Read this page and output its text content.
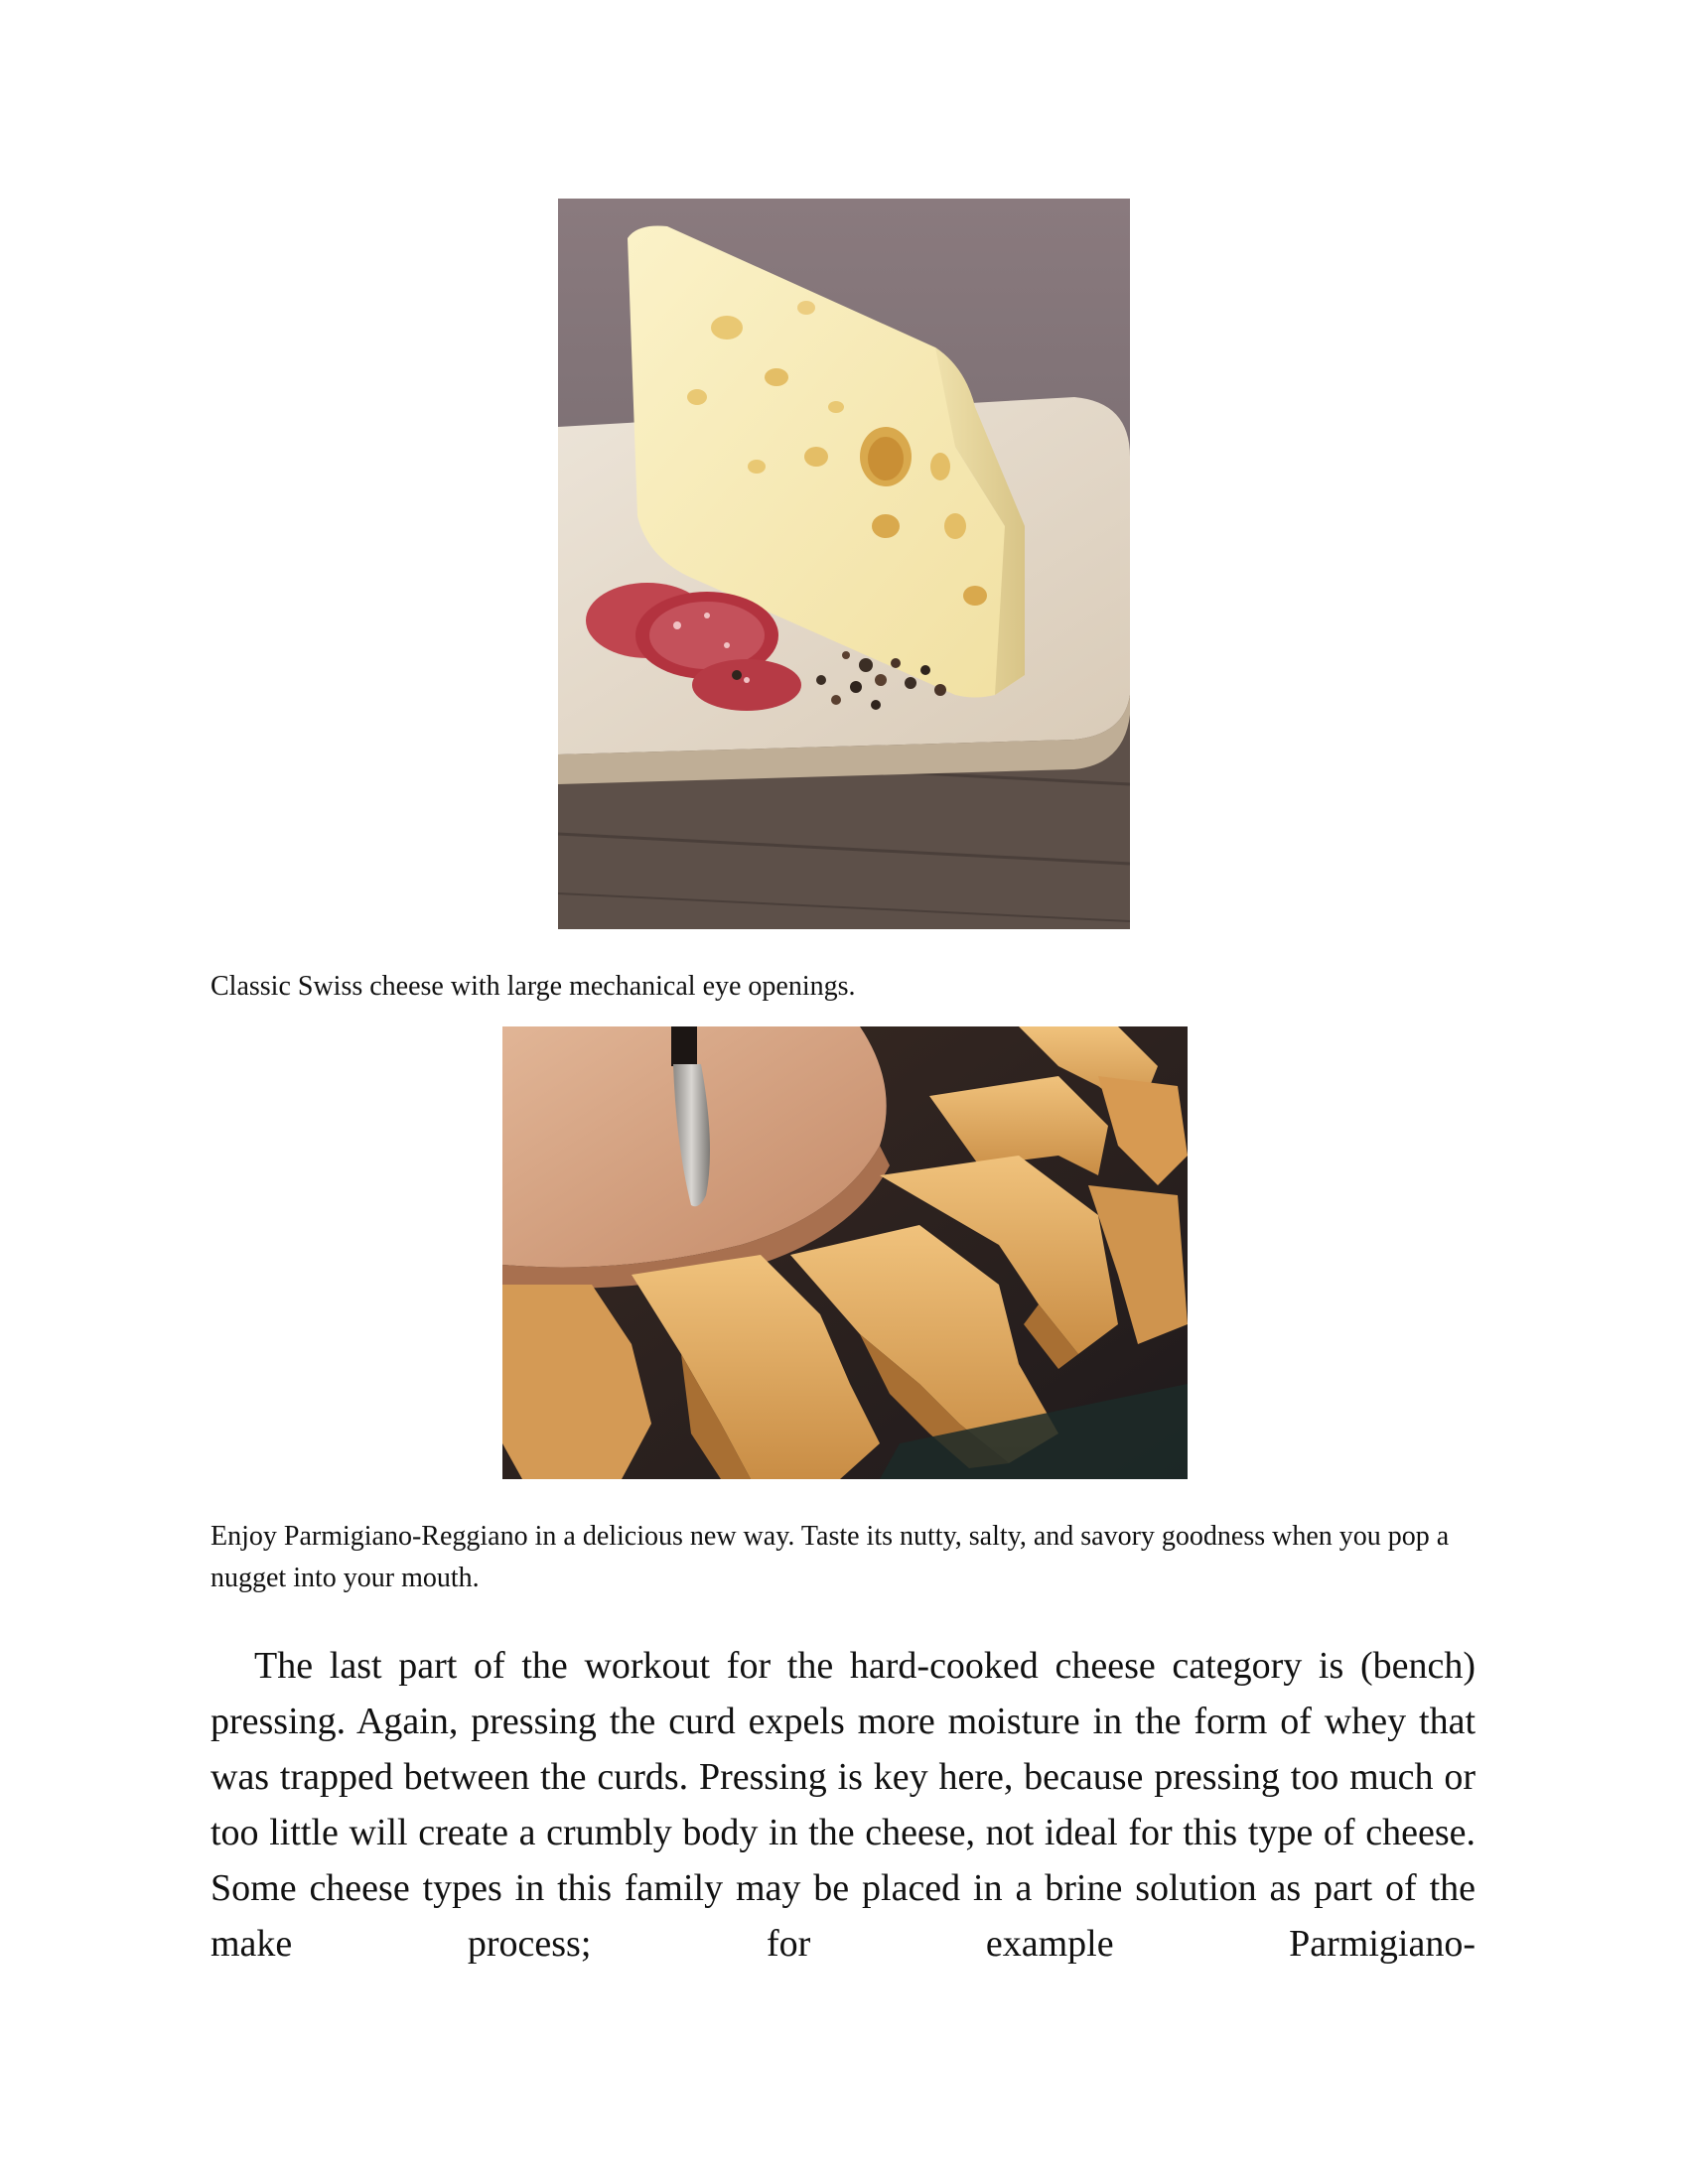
Classic Swiss cheese with large mechanical eye openings.

Enjoy Parmigiano-Reggiano in a delicious new way. Taste its nutty, salty, and savory goodness when you pop a nugget into your mouth.

The last part of the workout for the hard-cooked cheese category is (bench) pressing. Again, pressing the curd expels more moisture in the form of whey that was trapped between the curds. Pressing is key here, because pressing too much or too little will create a crumbly body in the cheese, not ideal for this type of cheese. Some cheese types in this family may be placed in a brine solution as part of the make process; for example Parmigiano-
